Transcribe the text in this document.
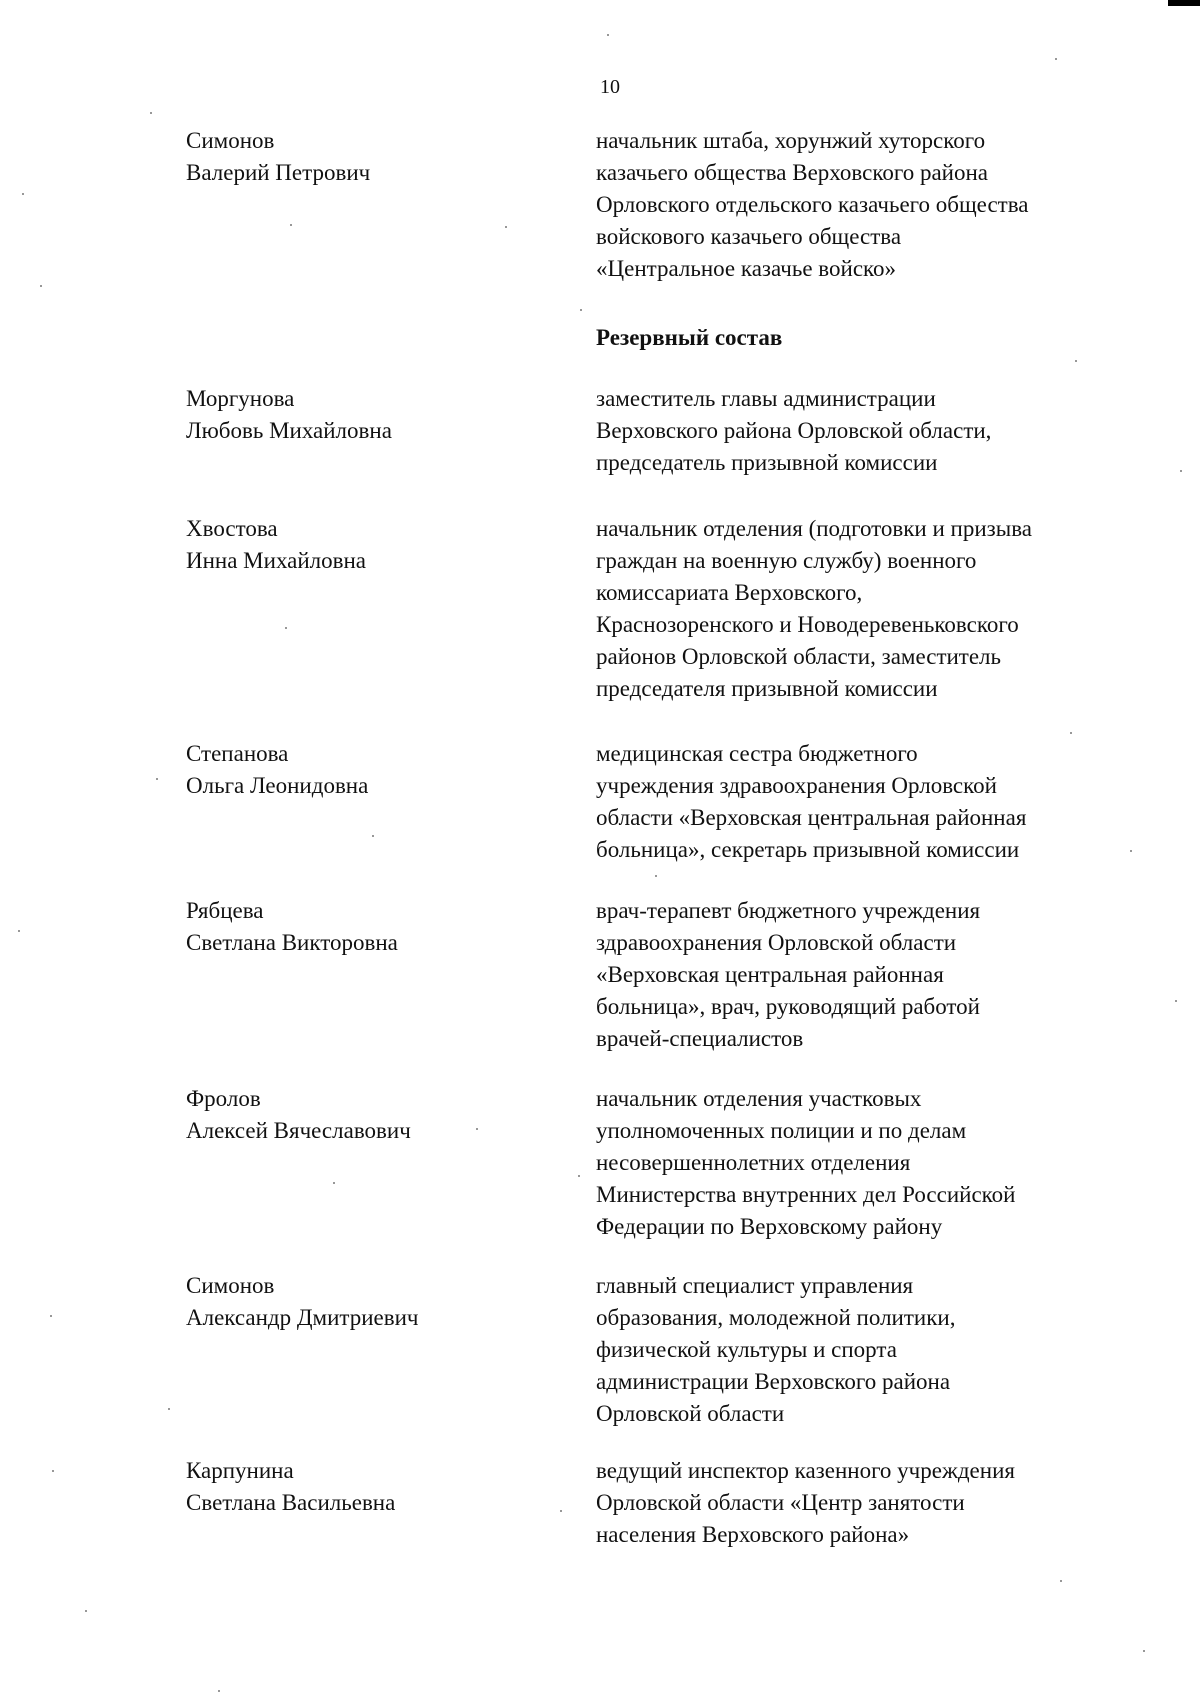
10
Симонов
Валерий Петрович
начальник штаба, хорунжий хуторского
казачьего общества Верховского района
Орловского отдельского казачьего общества
войскового казачьего общества
«Центральное казачье войско»
Резервный состав
Моргунова
Любовь Михайловна
заместитель главы администрации
Верховского района Орловской области,
председатель призывной комиссии
Хвостова
Инна Михайловна
начальник отделения (подготовки и призыва
граждан на военную службу) военного
комиссариата Верховского,
Краснозоренского и Новодеревеньковского
районов Орловской области, заместитель
председателя призывной комиссии
Степанова
Ольга Леонидовна
медицинская сестра бюджетного
учреждения здравоохранения Орловской
области «Верховская центральная районная
больница», секретарь призывной комиссии
Рябцева
Светлана Викторовна
врач-терапевт бюджетного учреждения
здравоохранения Орловской области
«Верховская центральная районная
больница», врач, руководящий работой
врачей-специалистов
Фролов
Алексей Вячеславович
начальник отделения участковых
уполномоченных полиции и по делам
несовершеннолетних отделения
Министерства внутренних дел Российской
Федерации по Верховскому району
Симонов
Александр Дмитриевич
главный специалист управления
образования, молодежной политики,
физической культуры и спорта
администрации Верховского района
Орловской области
Карпунина
Светлана Васильевна
ведущий инспектор казенного учреждения
Орловской области «Центр занятости
населения Верховского района»
